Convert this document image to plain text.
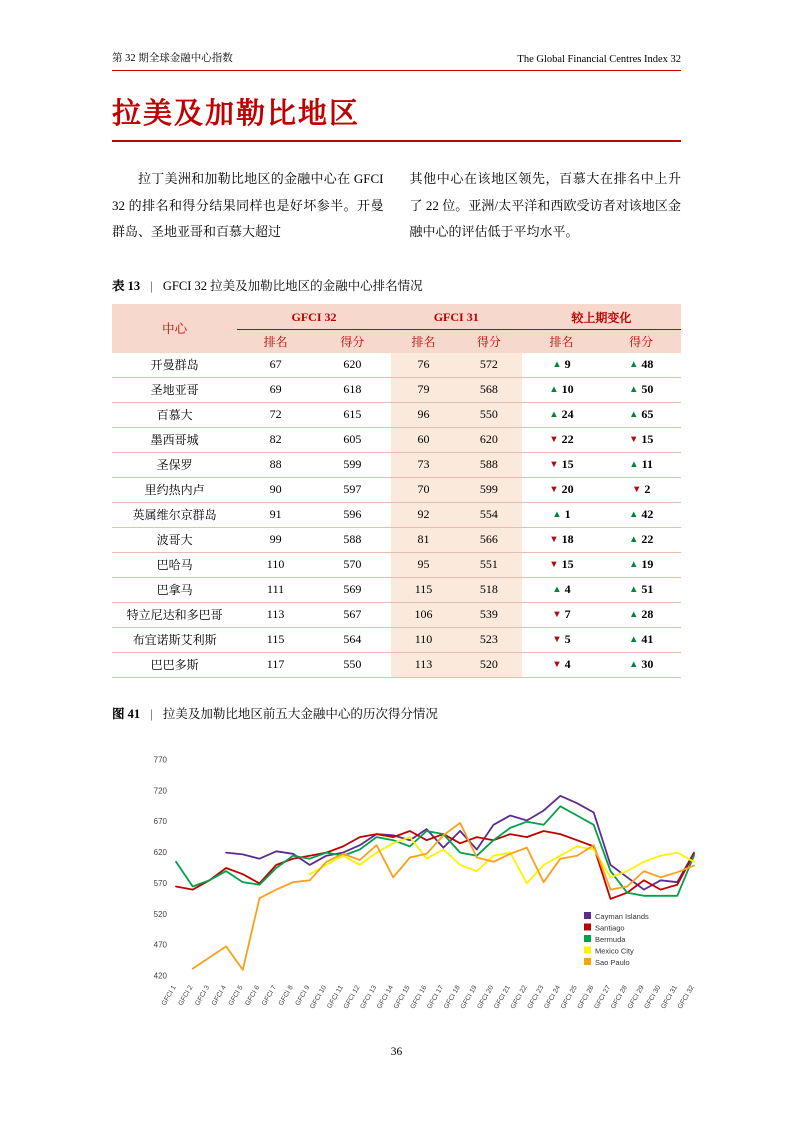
第 32 期全球金融中心指数	The Global Financial Centres Index 32
拉美及加勒比地区

拉丁美洲和加勒比地区的金融中心在 GFCI 32 的排名和得分结果同样也是好坏参半。开曼群岛、圣地亚哥和百慕大超过

其他中心在该地区领先，百慕大在排名中上升了 22 位。亚洲/太平洋和西欧受访者对该地区金融中心的评估低于平均水平。

表 13 | GFCI 32 拉美及加勒比地区的金融中心排名情况

中心	GFCI 32		GFCI 31		较上期变化	
	排名	得分	排名	得分	排名	得分
开曼群岛	67	620	76	572	▲ 9	▲ 48
圣地亚哥	69	618	79	568	▲ 10	▲ 50
百慕大	72	615	96	550	▲ 24	▲ 65
墨西哥城	82	605	60	620	▼ 22	▼ 15
圣保罗	88	599	73	588	▼ 15	▲ 11
里约热内卢	90	597	70	599	▼ 20	▼ 2
英属维尔京群岛	91	596	92	554	▲ 1	▲ 42
波哥大	99	588	81	566	▼ 18	▲ 22
巴哈马	110	570	95	551	▼ 15	▲ 19
巴拿马	111	569	115	518	▲ 4	▲ 51
特立尼达和多巴哥	113	567	106	539	▼ 7	▲ 28
布宜诺斯艾利斯	115	564	110	523	▼ 5	▲ 41
巴巴多斯	117	550	113	520	▼ 4	▲ 30

图 41 | 拉美及加勒比地区前五大金融中心的历次得分情况

420
470
520
570
620
670
720
770
GFCI 1 GFCI 2 GFCI 3 GFCI 4 GFCI 5 GFCI 6 GFCI 7 GFCI 8 GFCI 9
GFCI 10
GFCI 11
GFCI 12
GFCI 13
GFCI 14
GFCI 15
GFCI 16
GFCI 17
GFCI 18
GFCI 19
GFCI 20
GFCI 21
GFCI 22
GFCI 23
GFCI 24
GFCI 25
GFCI 26
GFCI 27
GFCI 28
GFCI 29
GFCI 30
GFCI 31
GFCI 32
Cayman Islands
Santiago
Bermuda
Mexico City
Sao Paulo
36
